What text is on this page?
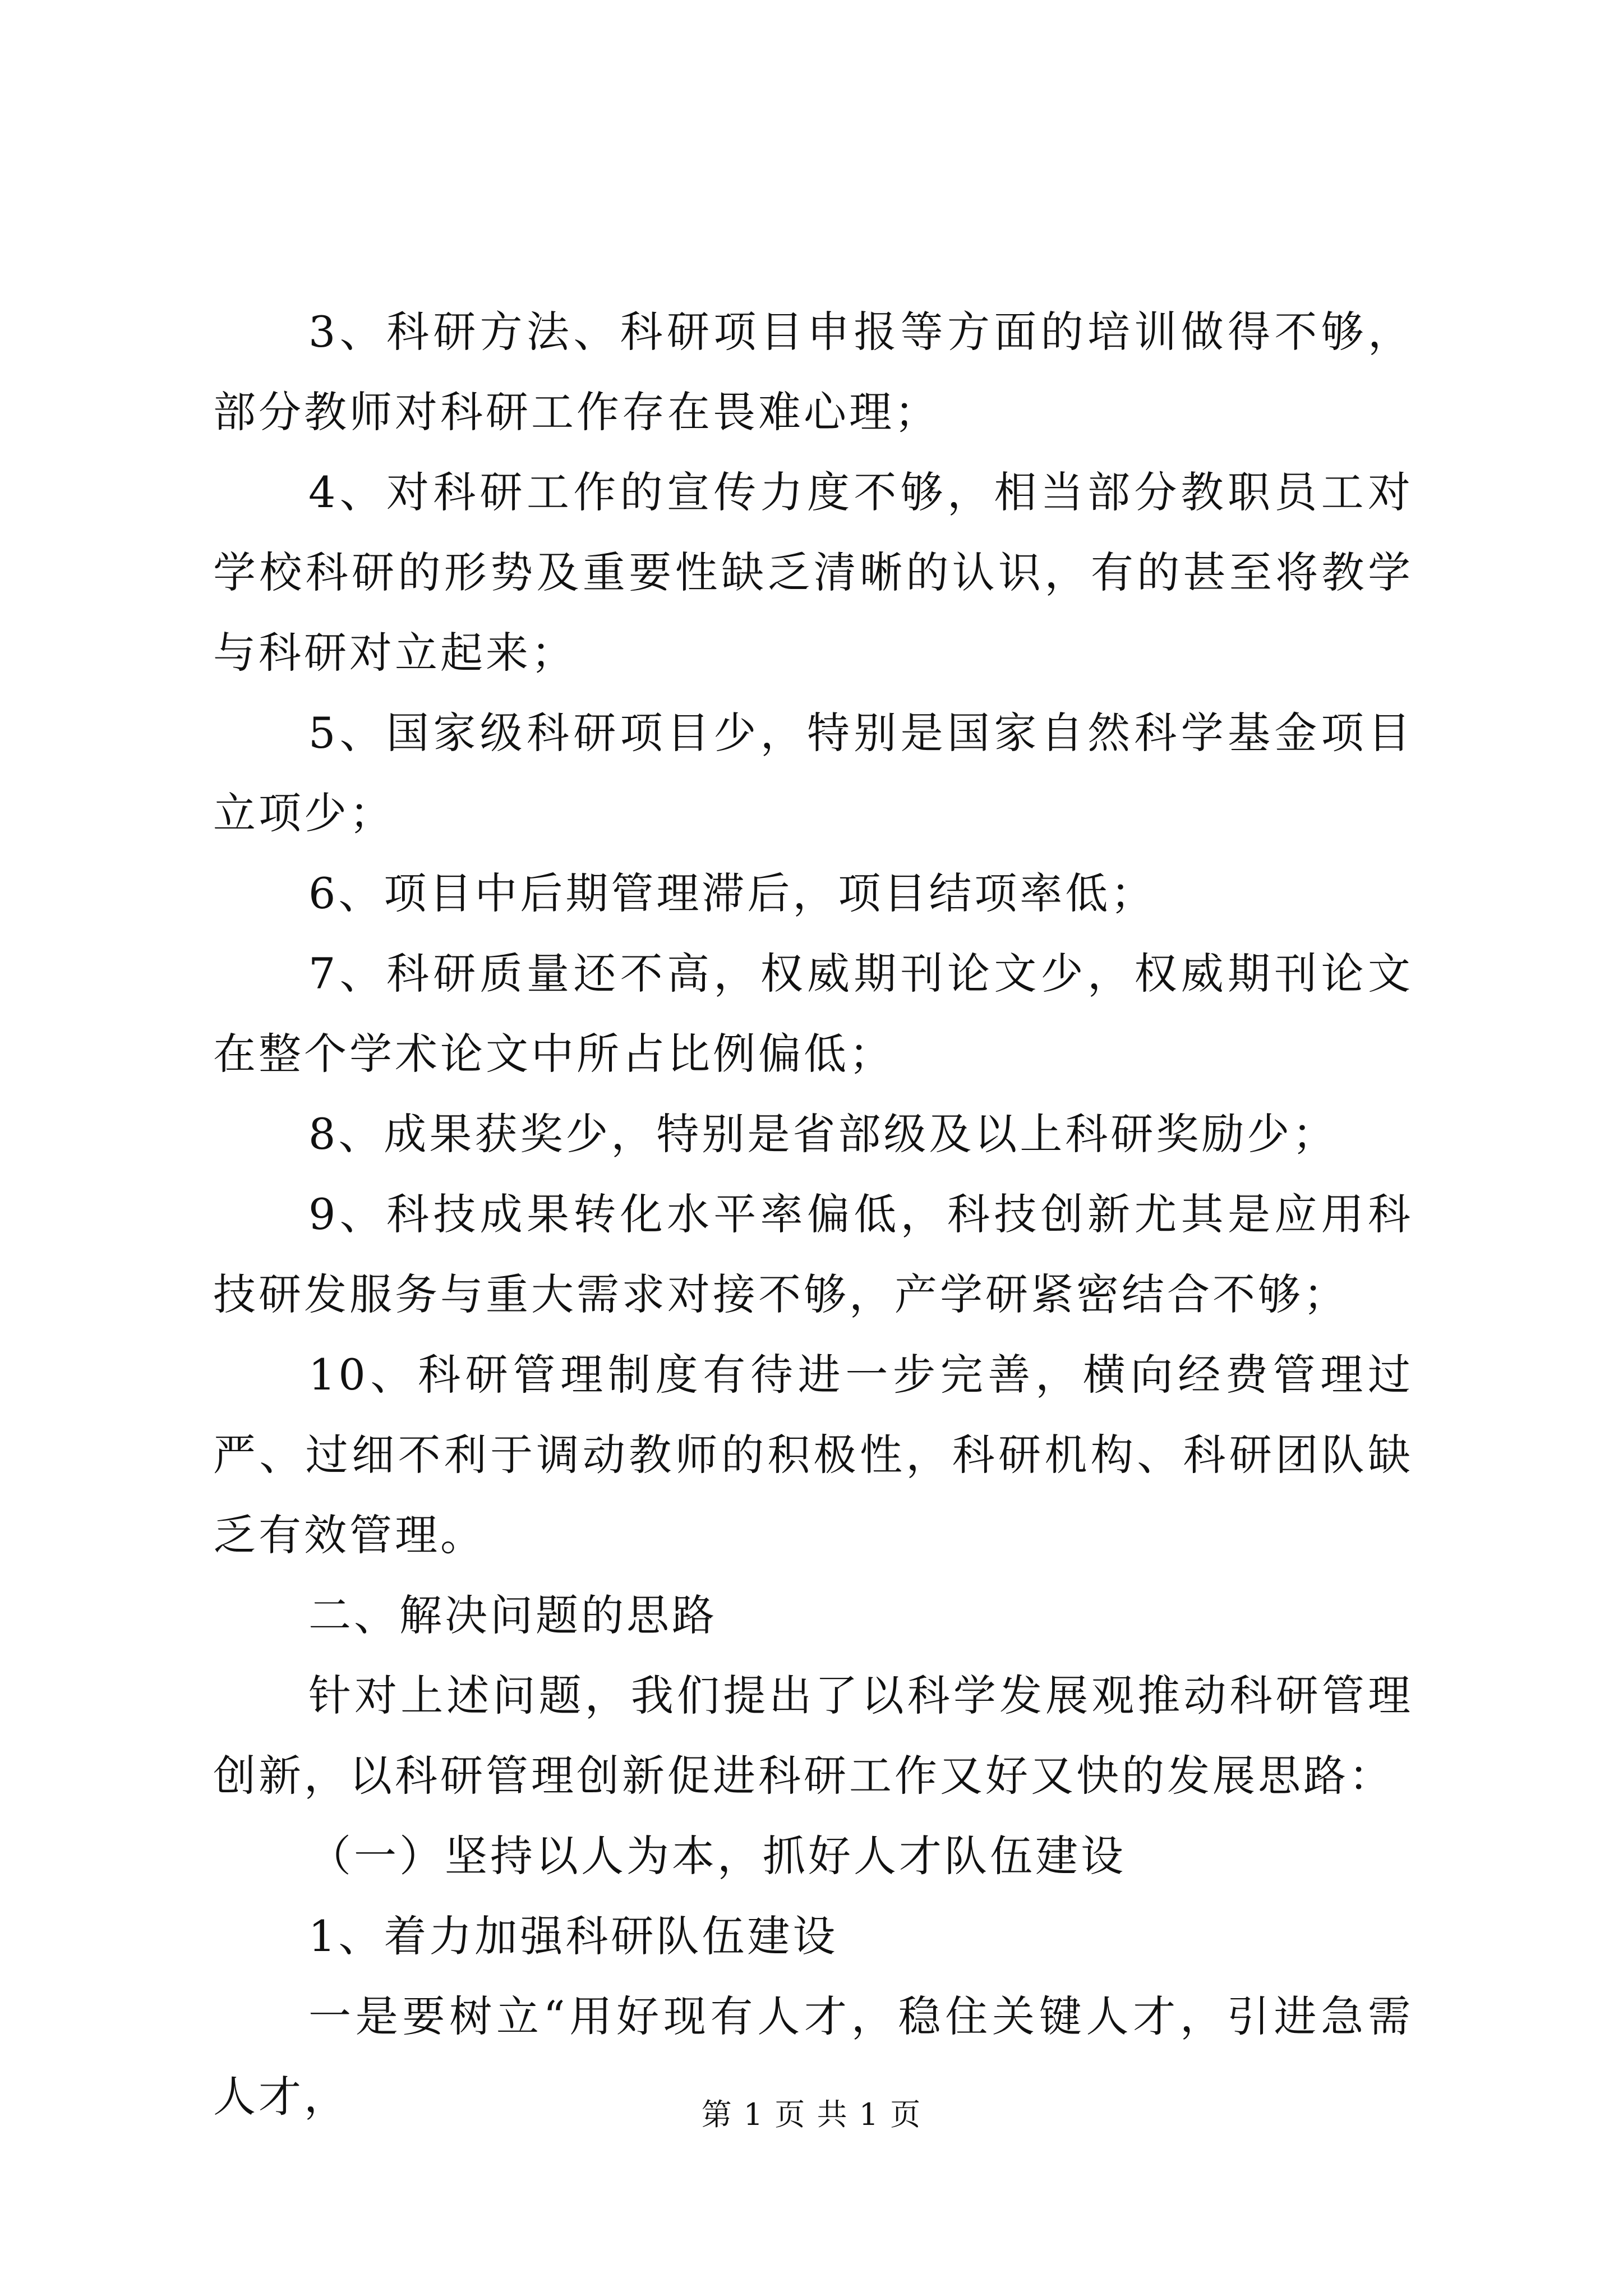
3、科研方法、科研项目申报等方面的培训做得不够，部分教师对科研工作存在畏难心理；

4、对科研工作的宣传力度不够，相当部分教职员工对学校科研的形势及重要性缺乏清晰的认识，有的甚至将教学与科研对立起来；

5、国家级科研项目少，特别是国家自然科学基金项目立项少；

6、项目中后期管理滞后，项目结项率低；

7、科研质量还不高，权威期刊论文少，权威期刊论文在整个学术论文中所占比例偏低；

8、成果获奖少，特别是省部级及以上科研奖励少；

9、科技成果转化水平率偏低，科技创新尤其是应用科技研发服务与重大需求对接不够，产学研紧密结合不够；

10、科研管理制度有待进一步完善，横向经费管理过严、过细不利于调动教师的积极性，科研机构、科研团队缺乏有效管理。

二、解决问题的思路

针对上述问题，我们提出了以科学发展观推动科研管理创新，以科研管理创新促进科研工作又好又快的发展思路：

（一）坚持以人为本，抓好人才队伍建设

1、着力加强科研队伍建设

一是要树立“用好现有人才，稳住关键人才，引进急需人才，	第 1 页 共 1 页
